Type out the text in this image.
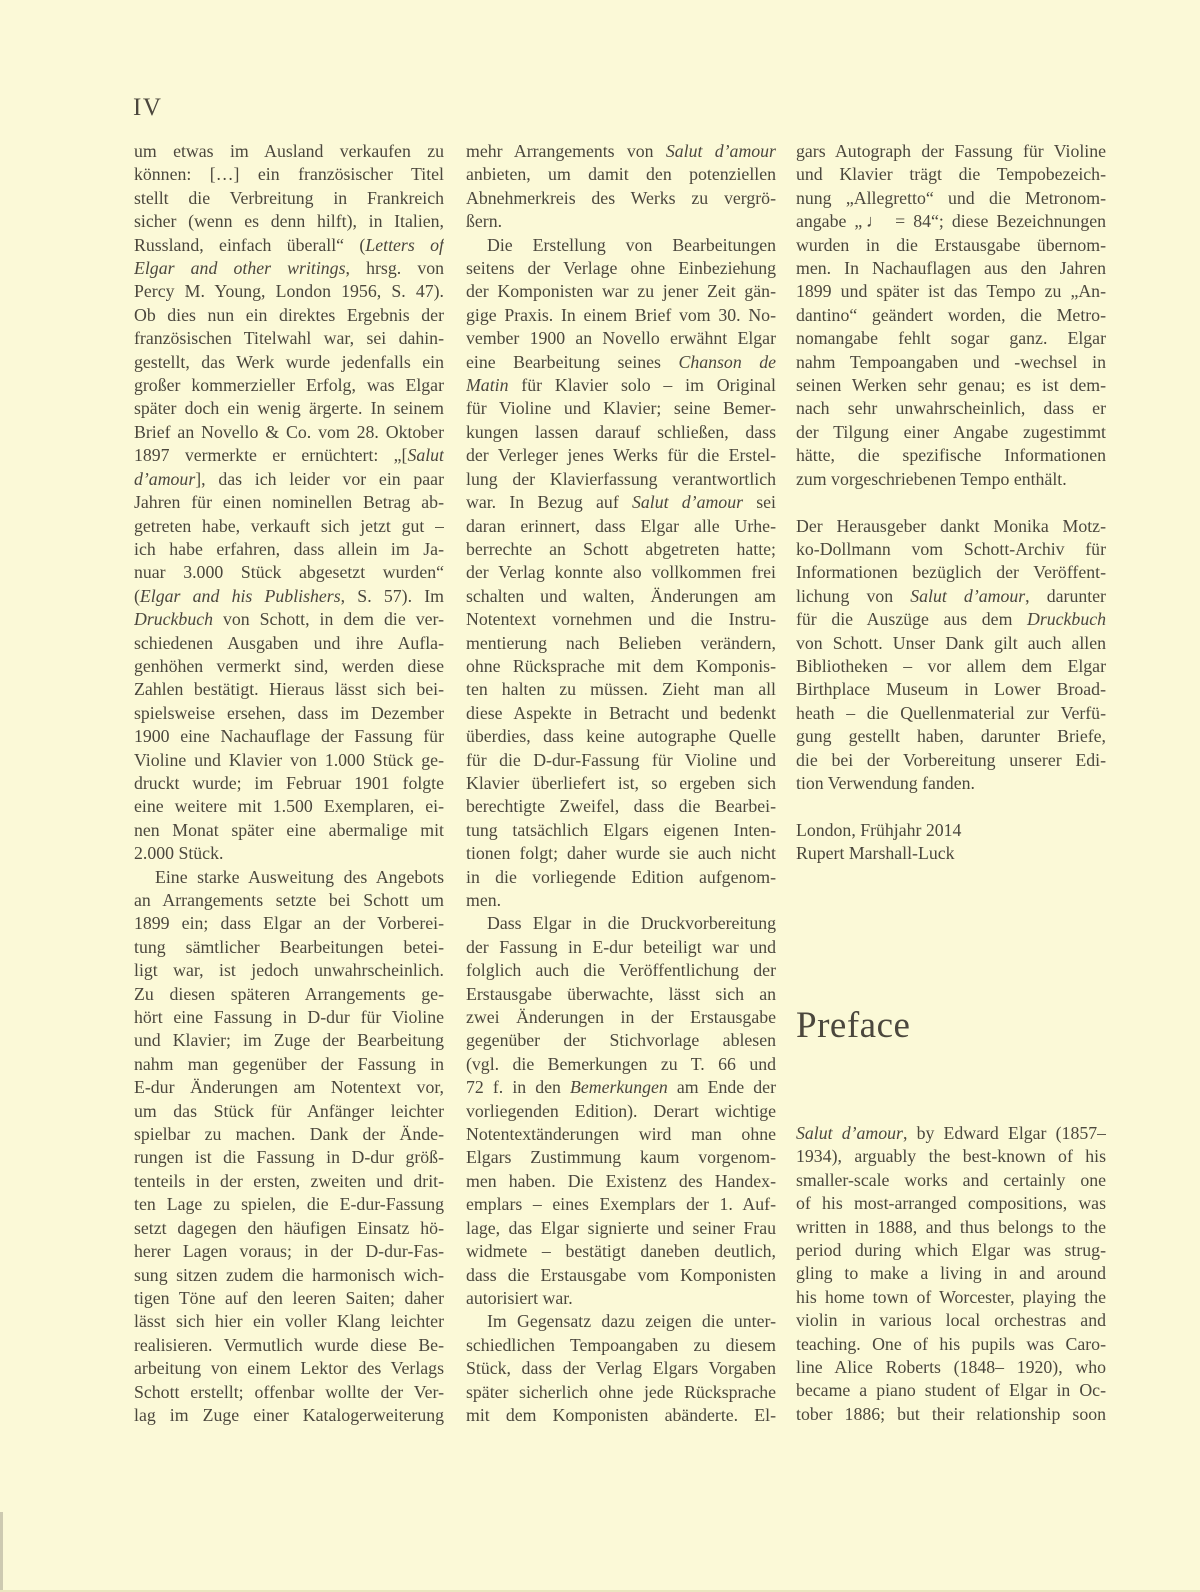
IV
um etwas im Ausland verkaufen zu
können: […] ein französischer Titel
stellt die Verbreitung in Frankreich
sicher (wenn es denn hilft), in Italien,
Russland, einfach überall“ (Letters of
Elgar and other writings, hrsg. von
Percy M. Young, London 1956, S. 47).
Ob dies nun ein direktes Ergebnis der
französischen Titelwahl war, sei dahin-
gestellt, das Werk wurde jedenfalls ein
großer kommerzieller Erfolg, was Elgar
später doch ein wenig ärgerte. In seinem
Brief an Novello & Co. vom 28. Oktober
1897 vermerkte er ernüchtert: „[Salut
d’amour], das ich leider vor ein paar
Jahren für einen nominellen Betrag ab-
getreten habe, verkauft sich jetzt gut –
ich habe erfahren, dass allein im Ja-
nuar 3.000 Stück abgesetzt wurden“
(Elgar and his Publishers, S. 57). Im
Druckbuch von Schott, in dem die ver-
schiedenen Ausgaben und ihre Aufla-
genhöhen vermerkt sind, werden diese
Zahlen bestätigt. Hieraus lässt sich bei-
spielsweise ersehen, dass im Dezember
1900 eine Nachauflage der Fassung für
Violine und Klavier von 1.000 Stück ge-
druckt wurde; im Februar 1901 folgte
eine weitere mit 1.500 Exemplaren, ei-
nen Monat später eine abermalige mit
2.000 Stück.
Eine starke Ausweitung des Angebots
an Arrangements setzte bei Schott um
1899 ein; dass Elgar an der Vorberei-
tung sämtlicher Bearbeitungen betei-
ligt war, ist jedoch unwahrscheinlich.
Zu diesen späteren Arrangements ge-
hört eine Fassung in D-dur für Violine
und Klavier; im Zuge der Bearbeitung
nahm man gegenüber der Fassung in
E-dur Änderungen am Notentext vor,
um das Stück für Anfänger leichter
spielbar zu machen. Dank der Ände-
rungen ist die Fassung in D-dur größ-
tenteils in der ersten, zweiten und drit-
ten Lage zu spielen, die E-dur-Fassung
setzt dagegen den häufigen Einsatz hö-
herer Lagen voraus; in der D-dur-Fas-
sung sitzen zudem die harmonisch wich-
tigen Töne auf den leeren Saiten; daher
lässt sich hier ein voller Klang leichter
realisieren. Vermutlich wurde diese Be-
arbeitung von einem Lektor des Verlags
Schott erstellt; offenbar wollte der Ver-
lag im Zuge einer Katalogerweiterung
mehr Arrangements von Salut d’amour
anbieten, um damit den potenziellen
Abnehmerkreis des Werks zu vergrö-
ßern.
Die Erstellung von Bearbeitungen
seitens der Verlage ohne Einbeziehung
der Komponisten war zu jener Zeit gän-
gige Praxis. In einem Brief vom 30. No-
vember 1900 an Novello erwähnt Elgar
eine Bearbeitung seines Chanson de
Matin für Klavier solo – im Original
für Violine und Klavier; seine Bemer-
kungen lassen darauf schließen, dass
der Verleger jenes Werks für die Erstel-
lung der Klavierfassung verantwortlich
war. In Bezug auf Salut d’amour sei
daran erinnert, dass Elgar alle Urhe-
berrechte an Schott abgetreten hatte;
der Verlag konnte also vollkommen frei
schalten und walten, Änderungen am
Notentext vornehmen und die Instru-
mentierung nach Belieben verändern,
ohne Rücksprache mit dem Komponis-
ten halten zu müssen. Zieht man all
diese Aspekte in Betracht und bedenkt
überdies, dass keine autographe Quelle
für die D-dur-Fassung für Violine und
Klavier überliefert ist, so ergeben sich
berechtigte Zweifel, dass die Bearbei-
tung tatsächlich Elgars eigenen Inten-
tionen folgt; daher wurde sie auch nicht
in die vorliegende Edition aufgenom-
men.
Dass Elgar in die Druckvorbereitung
der Fassung in E-dur beteiligt war und
folglich auch die Veröffentlichung der
Erstausgabe überwachte, lässt sich an
zwei Änderungen in der Erstausgabe
gegenüber der Stichvorlage ablesen
(vgl. die Bemerkungen zu T. 66 und
72 f. in den Bemerkungen am Ende der
vorliegenden Edition). Derart wichtige
Notentextänderungen wird man ohne
Elgars Zustimmung kaum vorgenom-
men haben. Die Existenz des Handex-
emplars – eines Exemplars der 1. Auf-
lage, das Elgar signierte und seiner Frau
widmete – bestätigt daneben deutlich,
dass die Erstausgabe vom Komponisten
autorisiert war.
Im Gegensatz dazu zeigen die unter-
schiedlichen Tempoangaben zu diesem
Stück, dass der Verlag Elgars Vorgaben
später sicherlich ohne jede Rücksprache
mit dem Komponisten abänderte. El-
gars Autograph der Fassung für Violine
und Klavier trägt die Tempobezeich-
nung „Allegretto“ und die Metronom-
angabe „♩ = 84“; diese Bezeichnungen
wurden in die Erstausgabe übernom-
men. In Nachauflagen aus den Jahren
1899 und später ist das Tempo zu „An-
dantino“ geändert worden, die Metro-
nomangabe fehlt sogar ganz. Elgar
nahm Tempoangaben und -wechsel in
seinen Werken sehr genau; es ist dem-
nach sehr unwahrscheinlich, dass er
der Tilgung einer Angabe zugestimmt
hätte, die spezifische Informationen
zum vorgeschriebenen Tempo enthält.
Der Herausgeber dankt Monika Motz-
ko-Dollmann vom Schott-Archiv für
Informationen bezüglich der Veröffent-
lichung von Salut d’amour, darunter
für die Auszüge aus dem Druckbuch
von Schott. Unser Dank gilt auch allen
Bibliotheken – vor allem dem Elgar
Birthplace Museum in Lower Broad-
heath – die Quellenmaterial zur Verfü-
gung gestellt haben, darunter Briefe,
die bei der Vorbereitung unserer Edi-
tion Verwendung fanden.
London, Frühjahr 2014
Rupert Marshall-Luck
Preface
Salut d’amour, by Edward Elgar (1857–
1934), arguably the best-known of his
smaller-scale works and certainly one
of his most-arranged compositions, was
written in 1888, and thus belongs to the
period during which Elgar was strug-
gling to make a living in and around
his home town of Worcester, playing the
violin in various local orchestras and
teaching. One of his pupils was Caro-
line Alice Roberts (1848– 1920), who
became a piano student of Elgar in Oc-
tober 1886; but their relationship soon
